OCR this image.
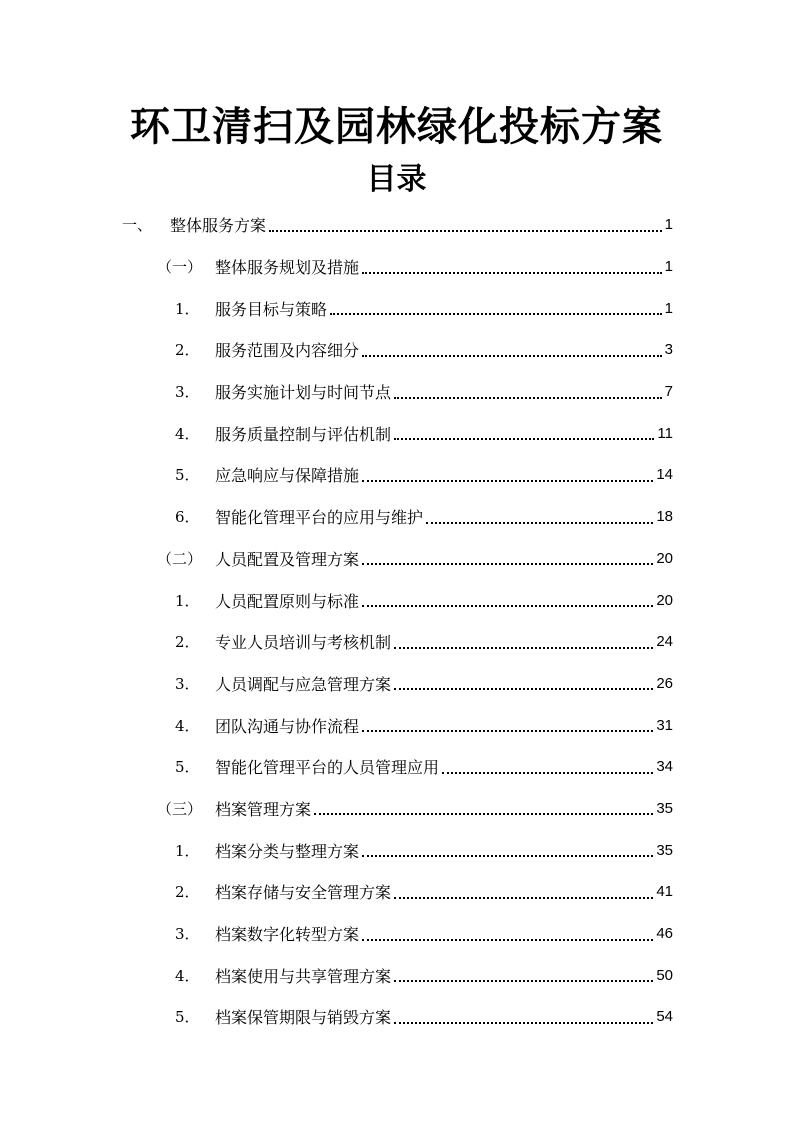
环卫清扫及园林绿化投标方案
目录
一、	整体服务方案	1
（一） 整体服务规划及措施	1
1． 服务目标与策略	1
2． 服务范围及内容细分	3
3． 服务实施计划与时间节点	7
4． 服务质量控制与评估机制	11
5． 应急响应与保障措施	14
6． 智能化管理平台的应用与维护	18
（二） 人员配置及管理方案	20
1． 人员配置原则与标准	20
2． 专业人员培训与考核机制	24
3． 人员调配与应急管理方案	26
4． 团队沟通与协作流程	31
5． 智能化管理平台的人员管理应用	34
（三） 档案管理方案	35
1． 档案分类与整理方案	35
2． 档案存储与安全管理方案	41
3． 档案数字化转型方案	46
4． 档案使用与共享管理方案	50
5． 档案保管期限与销毁方案	54
